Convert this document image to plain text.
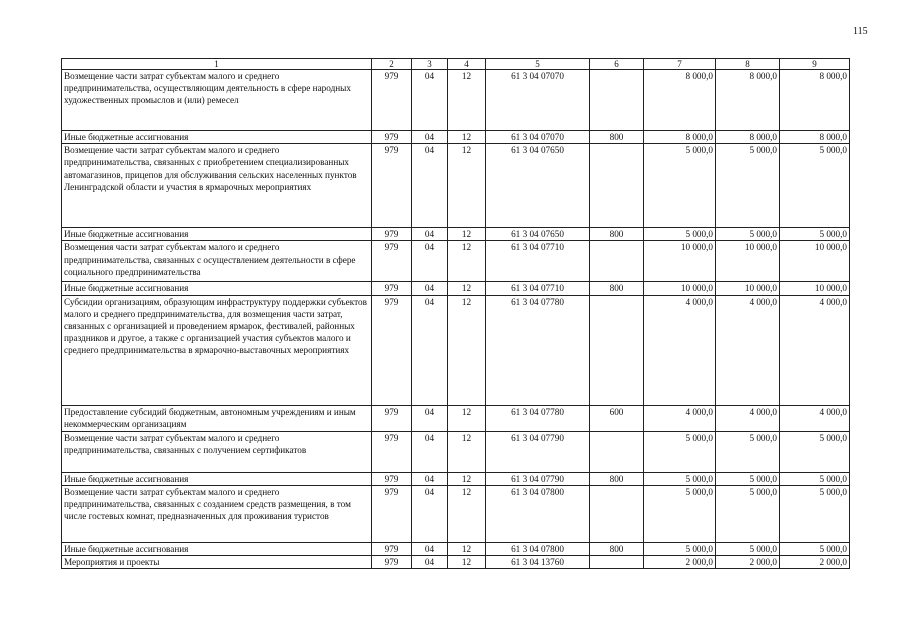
115
1	2	3	4	5	6	7	8	9
Возмещение части затрат субъектам малого и среднего предпринимательства, осуществляющим деятельность в сфере народных художественных промыслов и (или) ремесел	979	04	12	61 3 04 07070		8 000,0	8 000,0	8 000,0
Иные бюджетные ассигнования	979	04	12	61 3 04 07070	800	8 000,0	8 000,0	8 000,0
Возмещение части затрат субъектам малого и среднего предпринимательства, связанных с приобретением специализированных автомагазинов, прицепов для обслуживания сельских населенных пунктов Ленинградской области и участия в ярмарочных мероприятиях	979	04	12	61 3 04 07650		5 000,0	5 000,0	5 000,0
Иные бюджетные ассигнования	979	04	12	61 3 04 07650	800	5 000,0	5 000,0	5 000,0
Возмещения части затрат субъектам малого и среднего предпринимательства, связанных с осуществлением деятельности в сфере социального предпринимательства	979	04	12	61 3 04 07710		10 000,0	10 000,0	10 000,0
Иные бюджетные ассигнования	979	04	12	61 3 04 07710	800	10 000,0	10 000,0	10 000,0
Субсидии организациям, образующим инфраструктуру поддержки субъектов малого и среднего предпринимательства, для возмещения части затрат, связанных с организацией и проведением ярмарок, фестивалей, районных праздников и другое, а также с организацией участия субъектов малого и среднего предпринимательства в ярмарочно-выставочных мероприятиях	979	04	12	61 3 04 07780		4 000,0	4 000,0	4 000,0
Предоставление субсидий бюджетным, автономным учреждениям и иным некоммерческим организациям	979	04	12	61 3 04 07780	600	4 000,0	4 000,0	4 000,0
Возмещение части затрат субъектам малого и среднего предпринимательства, связанных с получением сертификатов	979	04	12	61 3 04 07790		5 000,0	5 000,0	5 000,0
Иные бюджетные ассигнования	979	04	12	61 3 04 07790	800	5 000,0	5 000,0	5 000,0
Возмещение части затрат субъектам малого и среднего предпринимательства, связанных с созданием средств размещения, в том числе гостевых комнат, предназначенных для проживания туристов	979	04	12	61 3 04 07800		5 000,0	5 000,0	5 000,0
Иные бюджетные ассигнования	979	04	12	61 3 04 07800	800	5 000,0	5 000,0	5 000,0
Мероприятия и проекты	979	04	12	61 3 04 13760		2 000,0	2 000,0	2 000,0
